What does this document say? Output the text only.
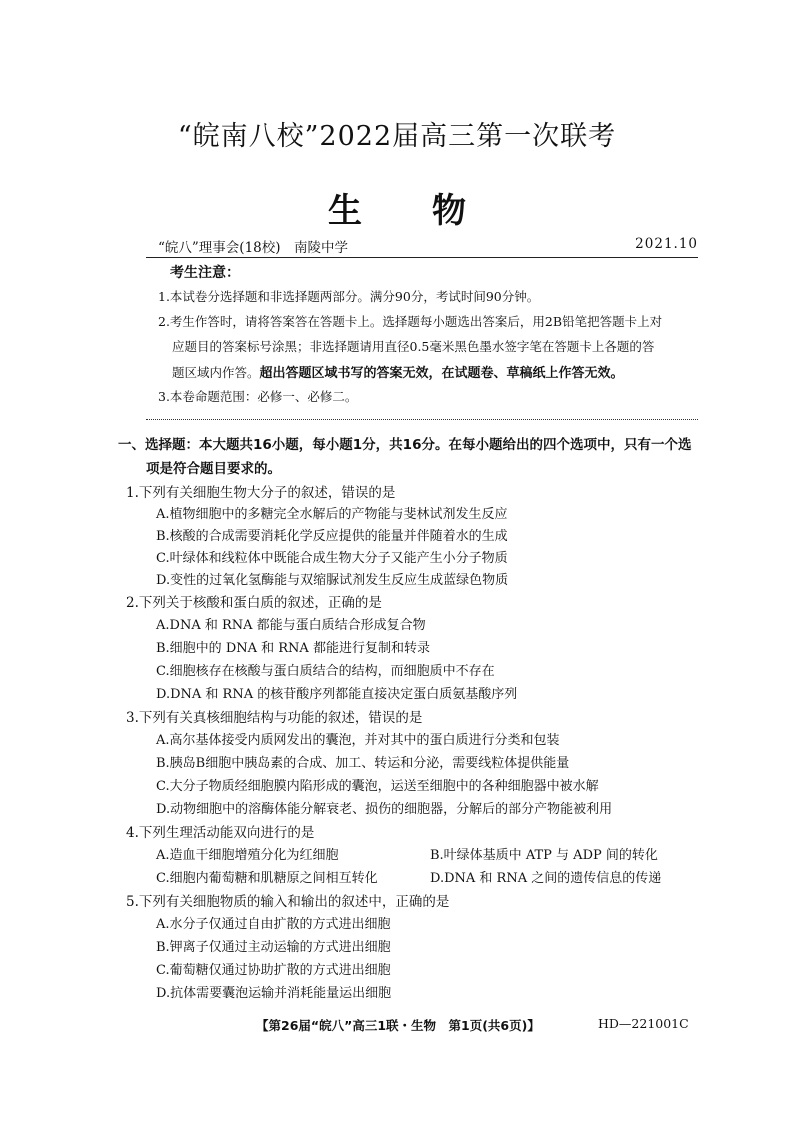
“皖南八校”2022届高三第一次联考
生 物
“皖八”理事会(18校)　南陵中学	2021.10
考生注意：
1.本试卷分选择题和非选择题两部分。满分90分，考试时间90分钟。
2.考生作答时，请将答案答在答题卡上。选择题每小题选出答案后，用2B铅笔把答题卡上对
应题目的答案标号涂黑；非选择题请用直径0.5毫米黑色墨水签字笔在答题卡上各题的答
题区域内作答。超出答题区域书写的答案无效，在试题卷、草稿纸上作答无效。
3.本卷命题范围：必修一、必修二。
一、选择题：本大题共16小题，每小题1分，共16分。在每小题给出的四个选项中，只有一个选
项是符合题目要求的。
1.下列有关细胞生物大分子的叙述，错误的是
A.植物细胞中的多糖完全水解后的产物能与斐林试剂发生反应
B.核酸的合成需要消耗化学反应提供的能量并伴随着水的生成
C.叶绿体和线粒体中既能合成生物大分子又能产生小分子物质
D.变性的过氧化氢酶能与双缩脲试剂发生反应生成蓝绿色物质
2.下列关于核酸和蛋白质的叙述，正确的是
A.DNA 和 RNA 都能与蛋白质结合形成复合物
B.细胞中的 DNA 和 RNA 都能进行复制和转录
C.细胞核存在核酸与蛋白质结合的结构，而细胞质中不存在
D.DNA 和 RNA 的核苷酸序列都能直接决定蛋白质氨基酸序列
3.下列有关真核细胞结构与功能的叙述，错误的是
A.高尔基体接受内质网发出的囊泡，并对其中的蛋白质进行分类和包装
B.胰岛B细胞中胰岛素的合成、加工、转运和分泌，需要线粒体提供能量
C.大分子物质经细胞膜内陷形成的囊泡，运送至细胞中的各种细胞器中被水解
D.动物细胞中的溶酶体能分解衰老、损伤的细胞器，分解后的部分产物能被利用
4.下列生理活动能双向进行的是
A.造血干细胞增殖分化为红细胞	B.叶绿体基质中 ATP 与 ADP 间的转化
C.细胞内葡萄糖和肌糖原之间相互转化	D.DNA 和 RNA 之间的遗传信息的传递
5.下列有关细胞物质的输入和输出的叙述中，正确的是
A.水分子仅通过自由扩散的方式进出细胞
B.钾离子仅通过主动运输的方式进出细胞
C.葡萄糖仅通过协助扩散的方式进出细胞
D.抗体需要囊泡运输并消耗能量运出细胞
【第26届“皖八”高三1联・生物　第1页(共6页)】	HD—221001C
